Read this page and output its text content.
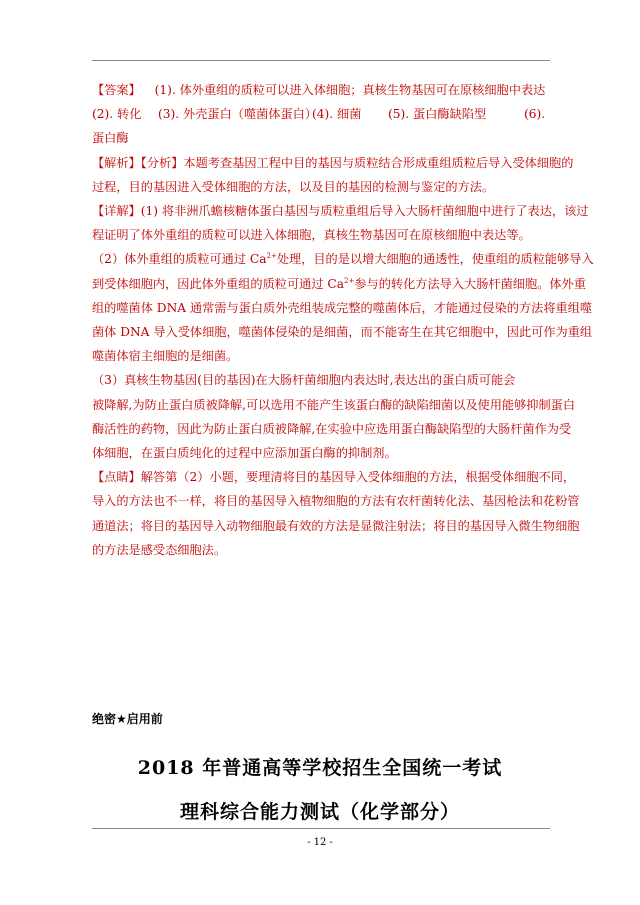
【答案】 (1). 体外重组的质粒可以进入体细胞；真核生物基因可在原核细胞中表达

(2). 转化	(3). 外壳蛋白（噬菌体蛋白）
(4). 细菌	(5). 蛋白酶缺陷型	(6).

蛋白酶

【解析】【分析】本题考查基因工程中目的基因与质粒结合形成重组质粒后导入受体细胞的

过程，目的基因进入受体细胞的方法，以及目的基因的检测与鉴定的方法。

【详解】(1) 将非洲爪蟾核糖体蛋白基因与质粒重组后导入大肠杆菌细胞中进行了表达，该过

程证明了体外重组的质粒可以进入体细胞，真核生物基因可在原核细胞中表达等。

（2）体外重组的质粒可通过 $Ca^{2+}$处理，目的是以增大细胞的通透性，使重组的质粒能够导入

到受体细胞内，因此体外重组的质粒可通过 $Ca^{2+}$参与的转化方法导入大肠杆菌细胞。体外重

组的噬菌体 DNA 通常需与蛋白质外壳组装成完整的噬菌体后，才能通过侵染的方法将重组噬

菌体 DNA 导入受体细胞，噬菌体侵染的是细菌，而不能寄生在其它细胞中，因此可作为重组

噬菌体宿主细胞的是细菌。

（3）真核生物基因(目的基因)在大肠杆菌细胞内表达时,表达出的蛋白质可能会

被降解,为防止蛋白质被降解,可以选用不能产生该蛋白酶的缺陷细菌以及使用能够抑制蛋白

酶活性的药物，因此为防止蛋白质被降解,在实验中应选用蛋白酶缺陷型的大肠杆菌作为受

体细胞，在蛋白质纯化的过程中应添加蛋白酶的抑制剂。

【点睛】解答第（2）小题，要理清将目的基因导入受体细胞的方法，根据受体细胞不同，

导入的方法也不一样，将目的基因导入植物细胞的方法有农杆菌转化法、基因枪法和花粉管

通道法；将目的基因导入动物细胞最有效的方法是显微注射法；将目的基因导入微生物细胞

的方法是感受态细胞法。

绝密★启用前
2018 年普通高等学校招生全国统一考试
理科综合能力测试（化学部分）
- 12 -
